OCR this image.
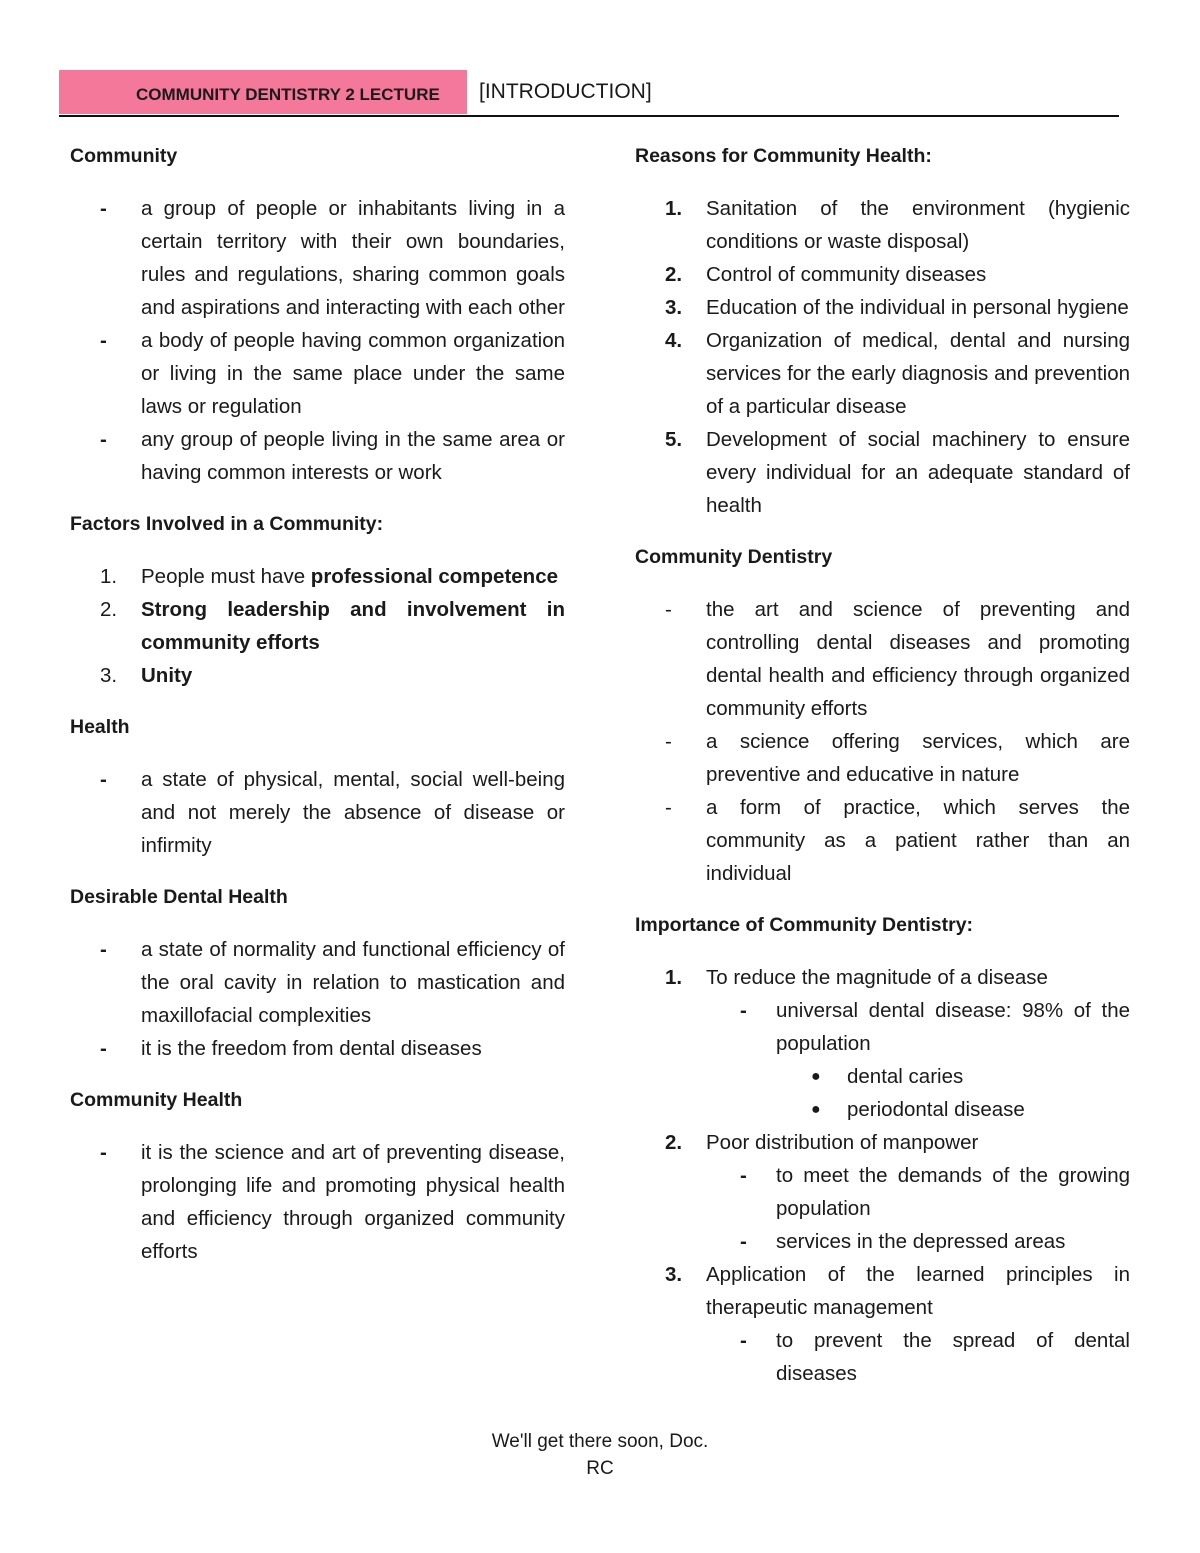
COMMUNITY DENTISTRY 2 LECTURE [INTRODUCTION]
Community
-	a group of people or inhabitants living in a certain territory with their own boundaries, rules and regulations, sharing common goals and aspirations and interacting with each other
-	a body of people having common organization or living in the same place under the same laws or regulation
-	any group of people living in the same area or having common interests or work
Factors Involved in a Community:
1.	People must have professional competence
2.	Strong leadership and involvement in community efforts
3.	Unity
Health
-	a state of physical, mental, social well-being and not merely the absence of disease or infirmity
Desirable Dental Health
-	a state of normality and functional efficiency of the oral cavity in relation to mastication and maxillofacial complexities
-	it is the freedom from dental diseases
Community Health
-	it is the science and art of preventing disease, prolonging life and promoting physical health and efficiency through organized community efforts
Reasons for Community Health:
1.	Sanitation of the environment (hygienic conditions or waste disposal)
2.	Control of community diseases
3.	Education of the individual in personal hygiene
4.	Organization of medical, dental and nursing services for the early diagnosis and prevention of a particular disease
5.	Development of social machinery to ensure every individual for an adequate standard of health
Community Dentistry
-	the art and science of preventing and controlling dental diseases and promoting dental health and efficiency through organized community efforts
-	a science offering services, which are preventive and educative in nature
-	a form of practice, which serves the community as a patient rather than an individual
Importance of Community Dentistry:
1.	To reduce the magnitude of a disease
-	universal dental disease: 98% of the population
●	dental caries
●	periodontal disease
2.	Poor distribution of manpower
-	to meet the demands of the growing population
-	services in the depressed areas
3.	Application of the learned principles in therapeutic management
-	to prevent the spread of dental diseases
We'll get there soon, Doc.
RC
